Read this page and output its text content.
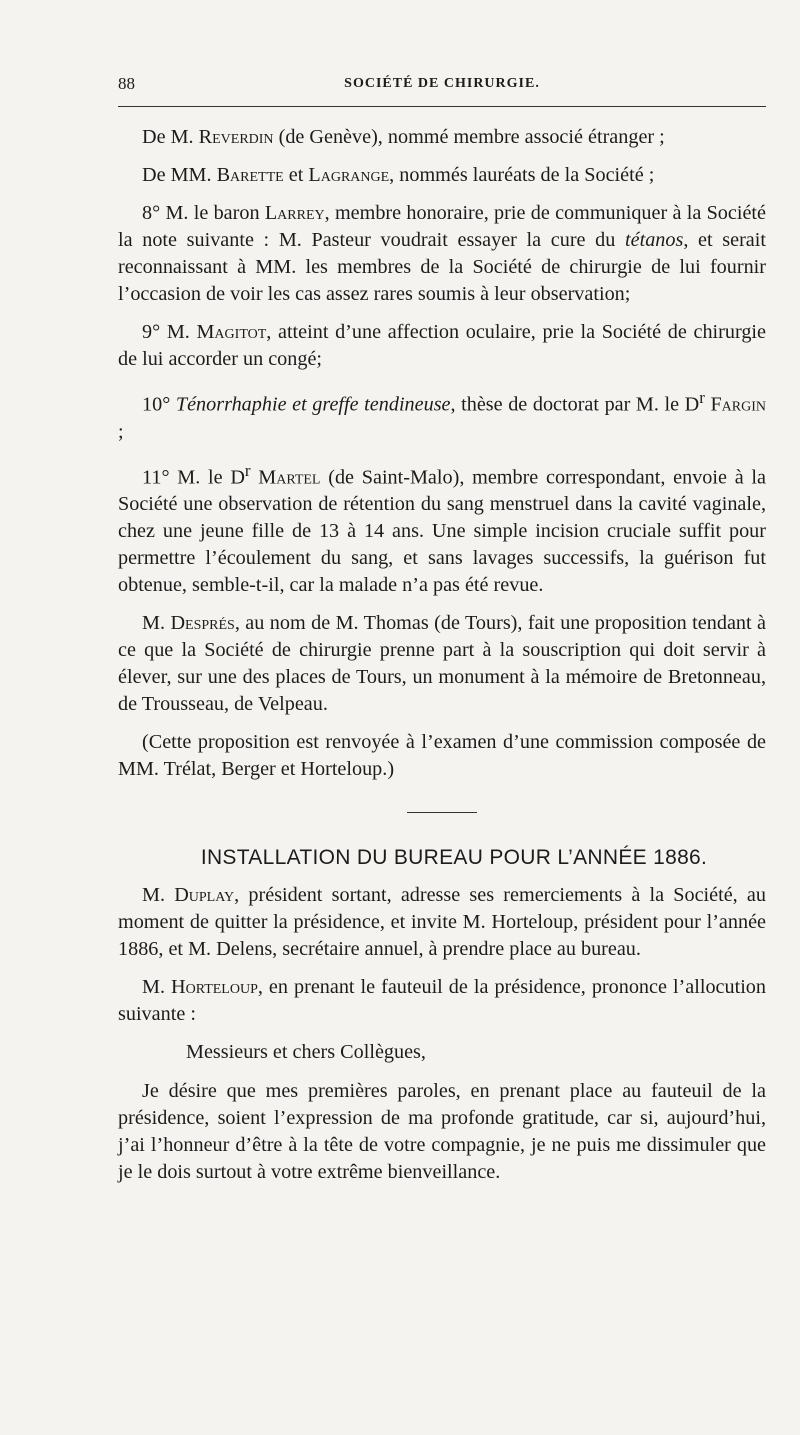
88	SOCIÉTÉ DE CHIRURGIE.

De M. Reverdin (de Genève), nommé membre associé étranger ;

De MM. Barette et Lagrange, nommés lauréats de la Société ;

8° M. le baron Larrey, membre honoraire, prie de communiquer à la Société la note suivante : M. Pasteur voudrait essayer la cure du tétanos, et serait reconnaissant à MM. les membres de la Société de chirurgie de lui fournir l’occasion de voir les cas assez rares soumis à leur observation;

9° M. Magitot, atteint d’une affection oculaire, prie la Société de chirurgie de lui accorder un congé;

10° Ténorrhaphie et greffe tendineuse, thèse de doctorat par M. le $D^r$ Fargin ;

11° M. le $D^r$ Martel (de Saint-Malo), membre correspondant, envoie à la Société une observation de rétention du sang menstruel dans la cavité vaginale, chez une jeune fille de 13 à 14 ans. Une simple incision cruciale suffit pour permettre l’écoulement du sang, et sans lavages successifs, la guérison fut obtenue, semble-t-il, car la malade n’a pas été revue.

M. Després, au nom de M. Thomas (de Tours), fait une proposition tendant à ce que la Société de chirurgie prenne part à la souscription qui doit servir à élever, sur une des places de Tours, un monument à la mémoire de Bretonneau, de Trousseau, de Velpeau.

(Cette proposition est renvoyée à l’examen d’une commission composée de MM. Trélat, Berger et Horteloup.)

INSTALLATION DU BUREAU POUR L’ANNÉE 1886.

M. Duplay, président sortant, adresse ses remerciements à la Société, au moment de quitter la présidence, et invite M. Horteloup, président pour l’année 1886, et M. Delens, secrétaire annuel, à prendre place au bureau.

M. Horteloup, en prenant le fauteuil de la présidence, prononce l’allocution suivante :

Messieurs et chers Collègues,

Je désire que mes premières paroles, en prenant place au fauteuil de la présidence, soient l’expression de ma profonde gratitude, car si, aujourd’hui, j’ai l’honneur d’être à la tête de votre compagnie, je ne puis me dissimuler que je le dois surtout à votre extrême bienveillance.
